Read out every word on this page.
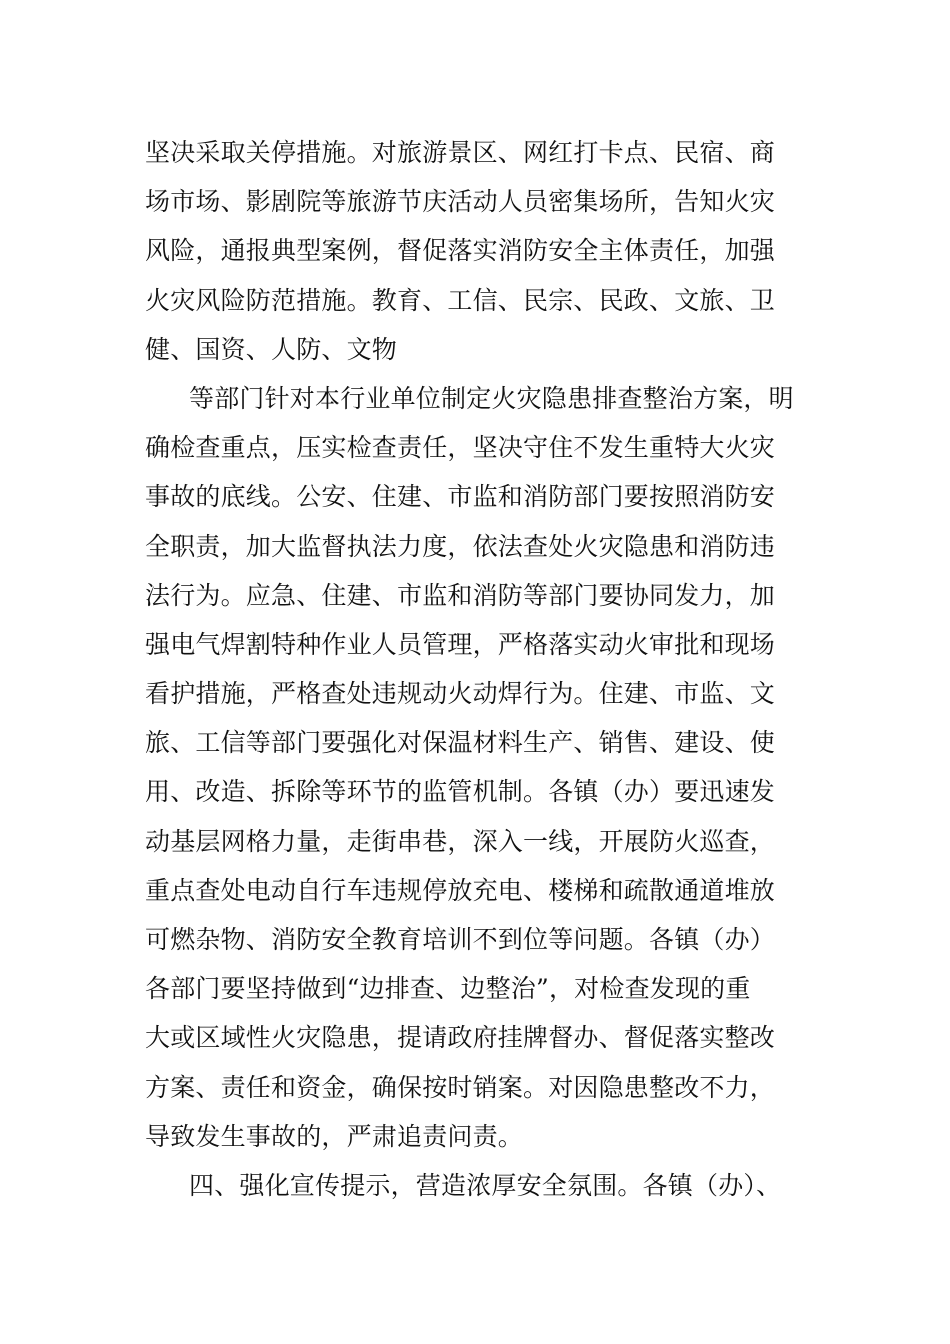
坚决采取关停措施。对旅游景区、网红打卡点、民宿、商
场市场、影剧院等旅游节庆活动人员密集场所，告知火灾
风险，通报典型案例，督促落实消防安全主体责任，加强
火灾风险防范措施。教育、工信、民宗、民政、文旅、卫
健、国资、人防、文物
等部门针对本行业单位制定火灾隐患排查整治方案，明
确检查重点，压实检查责任，坚决守住不发生重特大火灾
事故的底线。公安、住建、市监和消防部门要按照消防安
全职责，加大监督执法力度，依法查处火灾隐患和消防违
法行为。应急、住建、市监和消防等部门要协同发力，加
强电气焊割特种作业人员管理，严格落实动火审批和现场
看护措施，严格查处违规动火动焊行为。住建、市监、文
旅、工信等部门要强化对保温材料生产、销售、建设、使
用、改造、拆除等环节的监管机制。各镇（办）要迅速发
动基层网格力量，走街串巷，深入一线，开展防火巡查，
重点查处电动自行车违规停放充电、楼梯和疏散通道堆放
可燃杂物、消防安全教育培训不到位等问题。各镇（办）
各部门要坚持做到“边排查、边整治”，对检查发现的重
大或区域性火灾隐患，提请政府挂牌督办、督促落实整改
方案、责任和资金，确保按时销案。对因隐患整改不力，
导致发生事故的，严肃追责问责。
四、强化宣传提示，营造浓厚安全氛围。各镇（办）、
